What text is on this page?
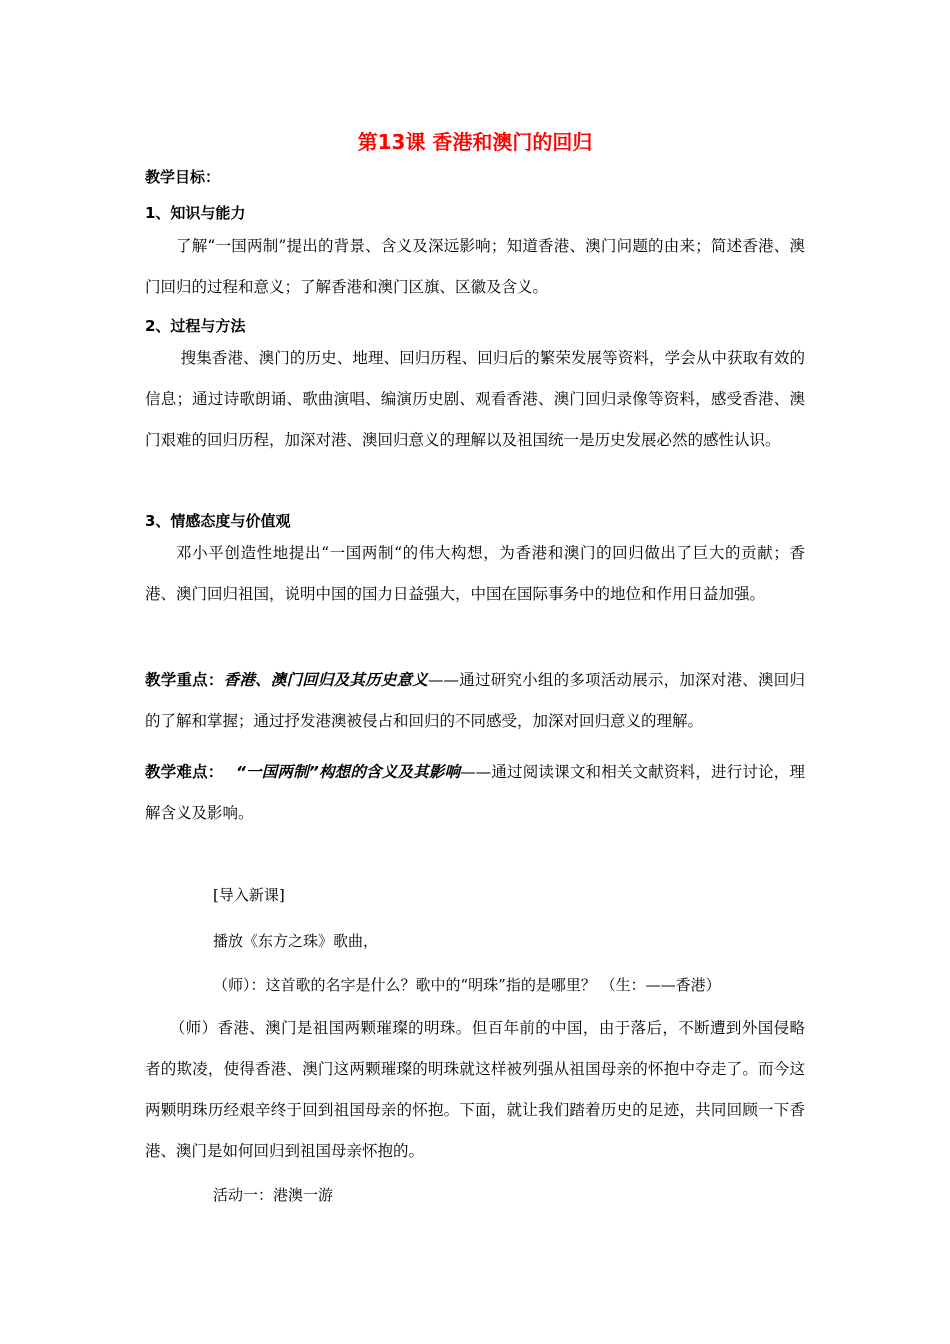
第13课 香港和澳门的回归
教学目标：
1、知识与能力
了解“一国两制”提出的背景、含义及深远影响；知道香港、澳门问题的由来；简述香港、澳门回归的过程和意义；了解香港和澳门区旗、区徽及含义。
2、过程与方法
搜集香港、澳门的历史、地理、回归历程、回归后的繁荣发展等资料，学会从中获取有效的信息；通过诗歌朗诵、歌曲演唱、编演历史剧、观看香港、澳门回归录像等资料，感受香港、澳门艰难的回归历程，加深对港、澳回归意义的理解以及祖国统一是历史发展必然的感性认识。
3、情感态度与价值观
邓小平创造性地提出“一国两制“的伟大构想，为香港和澳门的回归做出了巨大的贡献；香港、澳门回归祖国，说明中国的国力日益强大，中国在国际事务中的地位和作用日益加强。
教学重点：香港、澳门回归及其历史意义——通过研究小组的多项活动展示，加深对港、澳回归的了解和掌握；通过抒发港澳被侵占和回归的不同感受，加深对回归意义的理解。
教学难点： “一国两制”构想的含义及其影响——通过阅读课文和相关文献资料，进行讨论，理解含义及影响。
[导入新课]
播放《东方之珠》歌曲，
（师）：这首歌的名字是什么？歌中的“明珠”指的是哪里？ （生：——香港）
（师）香港、澳门是祖国两颗璀璨的明珠。但百年前的中国，由于落后，不断遭到外国侵略者的欺凌，使得香港、澳门这两颗璀璨的明珠就这样被列强从祖国母亲的怀抱中夺走了。而今这两颗明珠历经艰辛终于回到祖国母亲的怀抱。下面，就让我们踏着历史的足迹，共同回顾一下香港、澳门是如何回归到祖国母亲怀抱的。
活动一：港澳一游
